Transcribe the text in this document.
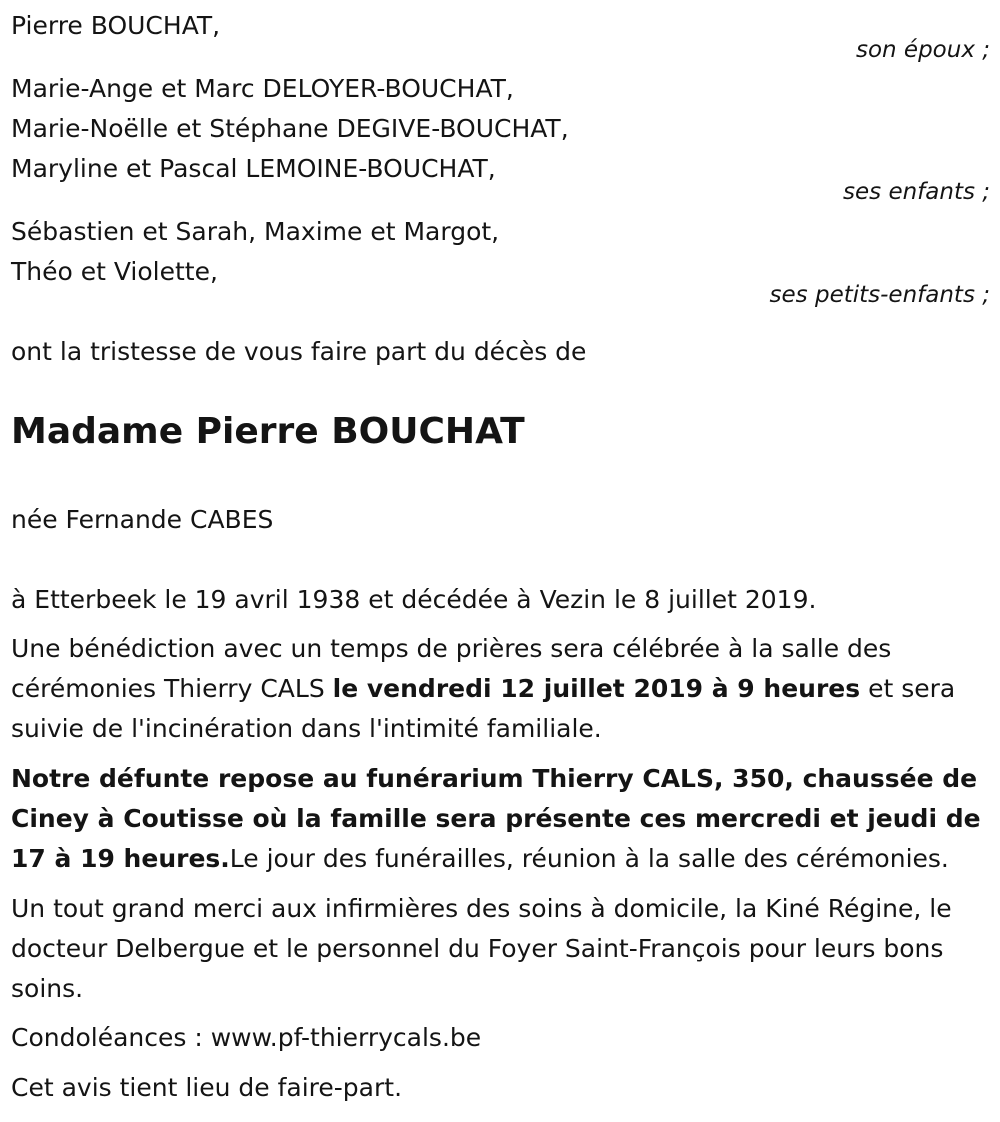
Pierre BOUCHAT,
son époux ;
Marie-Ange et Marc DELOYER-BOUCHAT,
Marie-Noëlle et Stéphane DEGIVE-BOUCHAT,
Maryline et Pascal LEMOINE-BOUCHAT,
ses enfants ;
Sébastien et Sarah, Maxime et Margot,
Théo et Violette,
ses petits-enfants ;
ont la tristesse de vous faire part du décès de
Madame Pierre BOUCHAT
née Fernande CABES
à Etterbeek le 19 avril 1938 et décédée à Vezin le 8 juillet 2019.
Une bénédiction avec un temps de prières sera célébrée à la salle des cérémonies Thierry CALS le vendredi 12 juillet 2019 à 9 heures et sera suivie de l'incinération dans l'intimité familiale.
Notre défunte repose au funérarium Thierry CALS, 350, chaussée de Ciney à Coutisse où la famille sera présente ces mercredi et jeudi de 17 à 19 heures.Le jour des funérailles, réunion à la salle des cérémonies.
Un tout grand merci aux infirmières des soins à domicile, la Kiné Régine, le docteur Delbergue et le personnel du Foyer Saint-François pour leurs bons soins.
Condoléances : www.pf-thierrycals.be
Cet avis tient lieu de faire-part.
